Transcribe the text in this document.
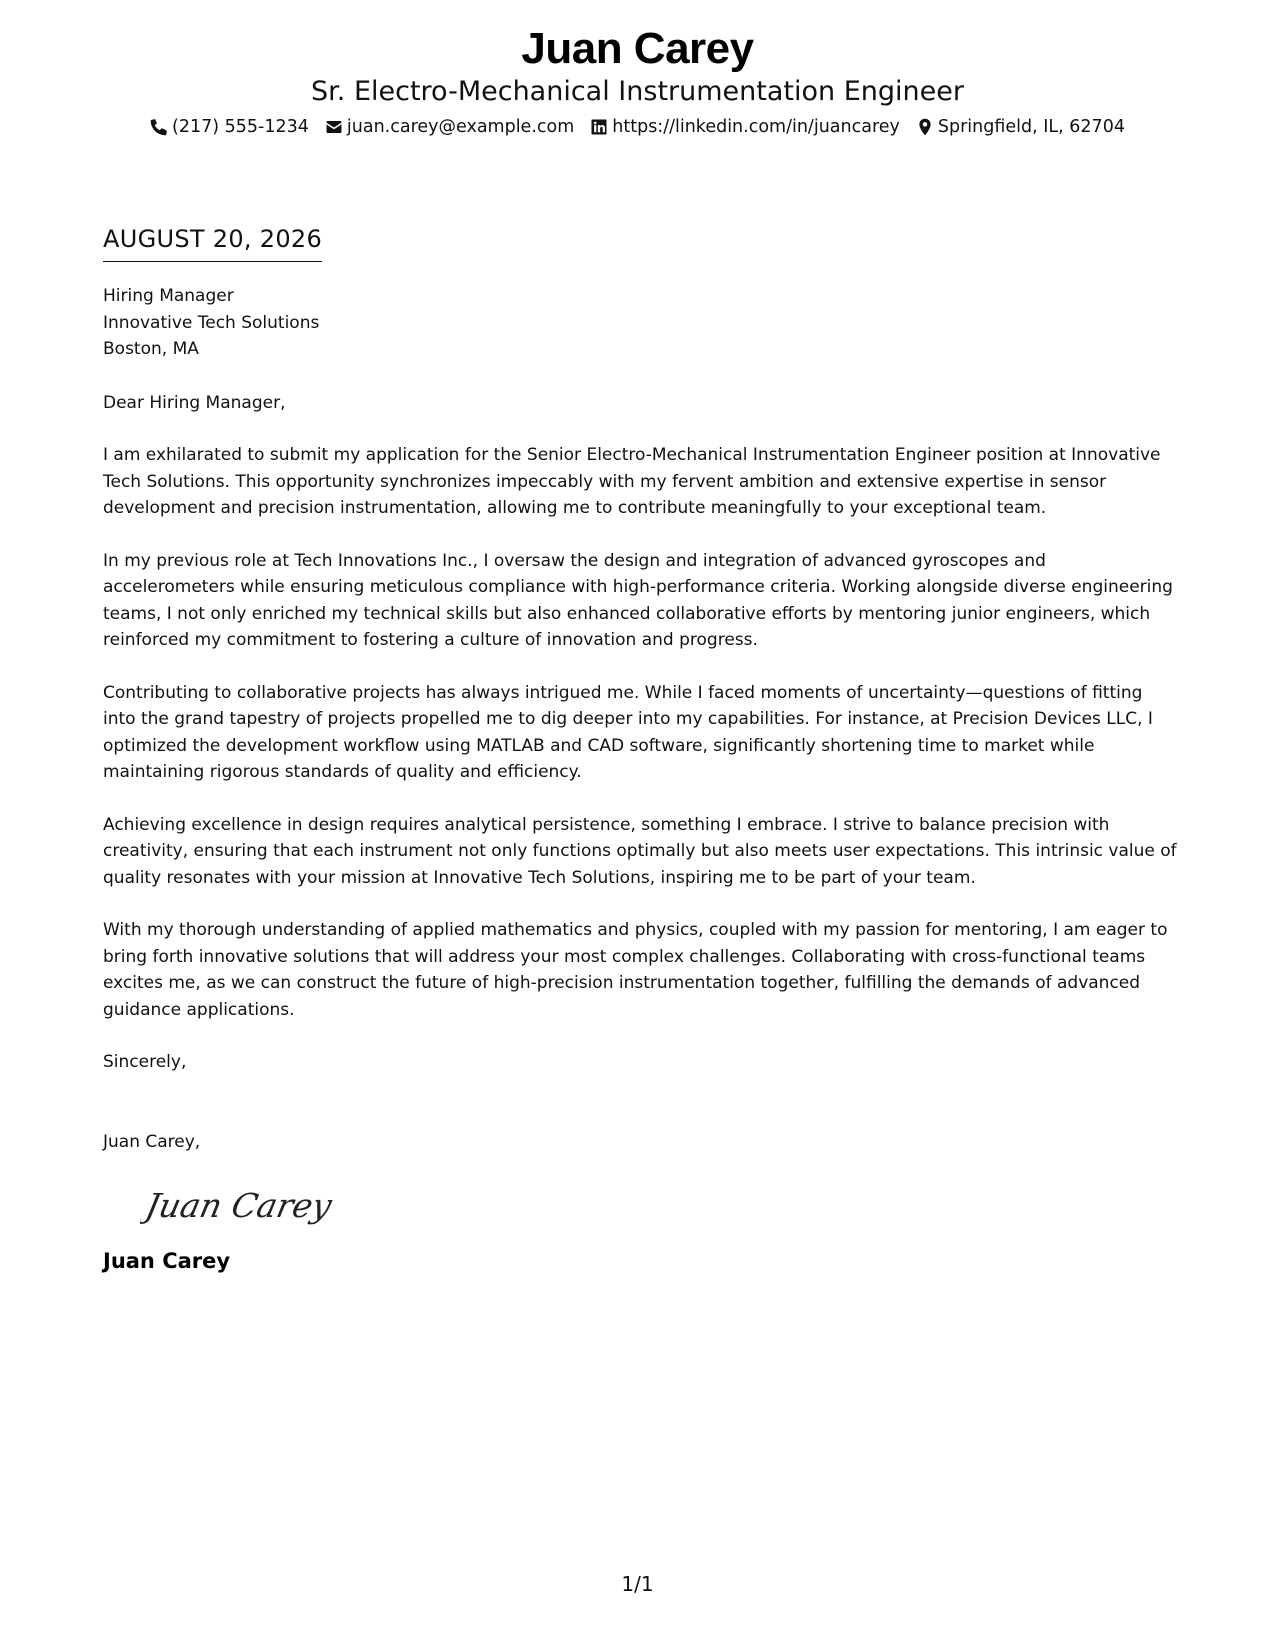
Juan Carey
Sr. Electro-Mechanical Instrumentation Engineer
(217) 555-1234 juan.carey@example.com https://linkedin.com/in/juancarey Springfield, IL, 62704
AUGUST 20, 2026
Hiring Manager
Innovative Tech Solutions
Boston, MA
Dear Hiring Manager,
I am exhilarated to submit my application for the Senior Electro-Mechanical Instrumentation Engineer position at Innovative Tech Solutions. This opportunity synchronizes impeccably with my fervent ambition and extensive expertise in sensor development and precision instrumentation, allowing me to contribute meaningfully to your exceptional team.
In my previous role at Tech Innovations Inc., I oversaw the design and integration of advanced gyroscopes and accelerometers while ensuring meticulous compliance with high-performance criteria. Working alongside diverse engineering teams, I not only enriched my technical skills but also enhanced collaborative efforts by mentoring junior engineers, which reinforced my commitment to fostering a culture of innovation and progress.
Contributing to collaborative projects has always intrigued me. While I faced moments of uncertainty—questions of fitting into the grand tapestry of projects propelled me to dig deeper into my capabilities. For instance, at Precision Devices LLC, I optimized the development workflow using MATLAB and CAD software, significantly shortening time to market while maintaining rigorous standards of quality and efficiency.
Achieving excellence in design requires analytical persistence, something I embrace. I strive to balance precision with creativity, ensuring that each instrument not only functions optimally but also meets user expectations. This intrinsic value of quality resonates with your mission at Innovative Tech Solutions, inspiring me to be part of your team.
With my thorough understanding of applied mathematics and physics, coupled with my passion for mentoring, I am eager to bring forth innovative solutions that will address your most complex challenges. Collaborating with cross-functional teams excites me, as we can construct the future of high-precision instrumentation together, fulfilling the demands of advanced guidance applications.
Sincerely,
Juan Carey,
Juan Carey
Juan Carey
1/1
